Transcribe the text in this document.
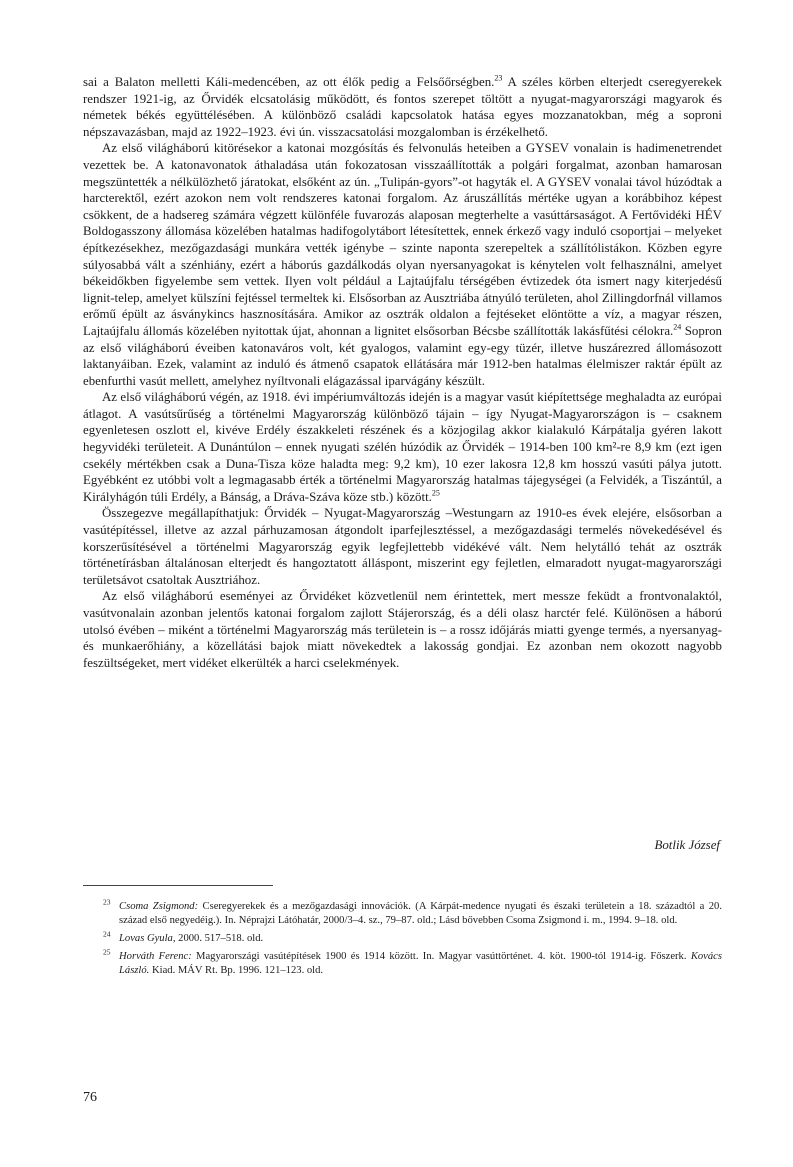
sai a Balaton melletti Káli-medencében, az ott élők pedig a Felsőőrségben.$^{23}$ A széles körben elterjedt cseregyerekek rendszer 1921-ig, az Őrvidék elcsatolásig működött, és fontos szerepet töltött a nyugat-magyarországi magyarok és németek békés együttélésében. A különböző családi kapcsolatok hatása egyes mozzanatokban, még a soproni népszavazásban, majd az 1922–1923. évi ún. visszacsatolási mozgalomban is érzékelhető.

Az első világháború kitörésekor a katonai mozgósítás és felvonulás heteiben a GYSEV vonalain is hadimenetrendet vezettek be. A katonavonatok áthaladása után fokozatosan visszaállították a polgári forgalmat, azonban hamarosan megszüntették a nélkülözhető járatokat, elsőként az ún. „Tulipán-gyors”-ot hagyták el. A GYSEV vonalai távol húzódtak a harcterektől, ezért azokon nem volt rendszeres katonai forgalom. Az áruszállítás mértéke ugyan a korábbihoz képest csökkent, de a hadsereg számára végzett különféle fuvarozás alaposan megterhelte a vasúttársaságot. A Fertővidéki HÉV Boldogasszony állomása közelében hatalmas hadifogolytábort létesítettek, ennek érkező vagy induló csoportjai – melyeket építkezésekhez, mezőgazdasági munkára vették igénybe – szinte naponta szerepeltek a szállítólistákon. Közben egyre súlyosabbá vált a szénhiány, ezért a háborús gazdálkodás olyan nyersanyagokat is kénytelen volt felhasználni, amelyet békeidőkben figyelembe sem vettek. Ilyen volt például a Lajtaújfalu térségében évtizedek óta ismert nagy kiterjedésű lignit-telep, amelyet külszíni fejtéssel termeltek ki. Elsősorban az Ausztriába átnyúló területen, ahol Zillingdorfnál villamos erőmű épült az ásványkincs hasznosítására. Amikor az osztrák oldalon a fejtéseket elöntötte a víz, a magyar részen, Lajtaújfalu állomás közelében nyitottak újat, ahonnan a lignitet elsősorban Bécsbe szállították lakásfűtési célokra.$^{24}$ Sopron az első világháború éveiben katonaváros volt, két gyalogos, valamint egy-egy tüzér, illetve huszárezred állomásozott laktanyáiban. Ezek, valamint az induló és átmenő csapatok ellátására már 1912-ben hatalmas élelmiszer raktár épült az ebenfurthi vasút mellett, amelyhez nyíltvonali elágazással iparvágány készült.

Az első világháború végén, az 1918. évi impériumváltozás idején is a magyar vasút kiépítettsége meghaladta az európai átlagot. A vasútsűrűség a történelmi Magyarország különböző tájain – így Nyugat-Magyarországon is – csaknem egyenletesen oszlott el, kivéve Erdély északkeleti részének és a közjogilag akkor kialakuló Kárpátalja gyéren lakott hegyvidéki területeit. A Dunántúlon – ennek nyugati szélén húzódik az Őrvidék – 1914-ben 100 km²-re 8,9 km (ezt igen csekély mértékben csak a Duna-Tisza köze haladta meg: 9,2 km), 10 ezer lakosra 12,8 km hosszú vasúti pálya jutott. Egyébként ez utóbbi volt a legmagasabb érték a történelmi Magyarország hatalmas tájegységei (a Felvidék, a Tiszántúl, a Királyhágón túli Erdély, a Bánság, a Dráva-Száva köze stb.) között.$^{25}$

Összegezve megállapíthatjuk: Őrvidék – Nyugat-Magyarország –Westungarn az 1910-es évek elejére, elsősorban a vasútépítéssel, illetve az azzal párhuzamosan átgondolt iparfejlesztéssel, a mezőgazdasági termelés növekedésével és korszerűsítésével a történelmi Magyarország egyik legfejlettebb vidékévé vált. Nem helytálló tehát az osztrák történetírásban általánosan elterjedt és hangoztatott álláspont, miszerint egy fejletlen, elmaradott nyugat-magyarországi területsávot csatoltak Ausztriához.

Az első világháború eseményei az Őrvidéket közvetlenül nem érintettek, mert messze feküdt a frontvonalaktól, vasútvonalain azonban jelentős katonai forgalom zajlott Stájerország, és a déli olasz harctér felé. Különösen a háború utolsó évében – miként a történelmi Magyarország más területein is – a rossz időjárás miatti gyenge termés, a nyersanyag- és munkaerőhiány, a közellátási bajok miatt növekedtek a lakosság gondjai. Ez azonban nem okozott nagyobb feszültségeket, mert vidéket elkerülték a harci cselekmények.

Botlik József
$^{23}$ Csoma Zsigmond: Cseregyerekek és a mezőgazdasági innovációk. (A Kárpát-medence nyugati és északi területein a 18. századtól a 20. század első negyedéig.). In. Néprajzi Látóhatár, 2000/3–4. sz., 79–87. old.; Lásd bővebben Csoma Zsigmond i. m., 1994. 9–18. old.
$^{24}$ Lovas Gyula, 2000. 517–518. old.
$^{25}$ Horváth Ferenc: Magyarországi vasútépítések 1900 és 1914 között. In. Magyar vasúttörténet. 4. köt. 1900-tól 1914-ig. Főszerk. Kovács László. Kiad. MÁV Rt. Bp. 1996. 121–123. old.
76
